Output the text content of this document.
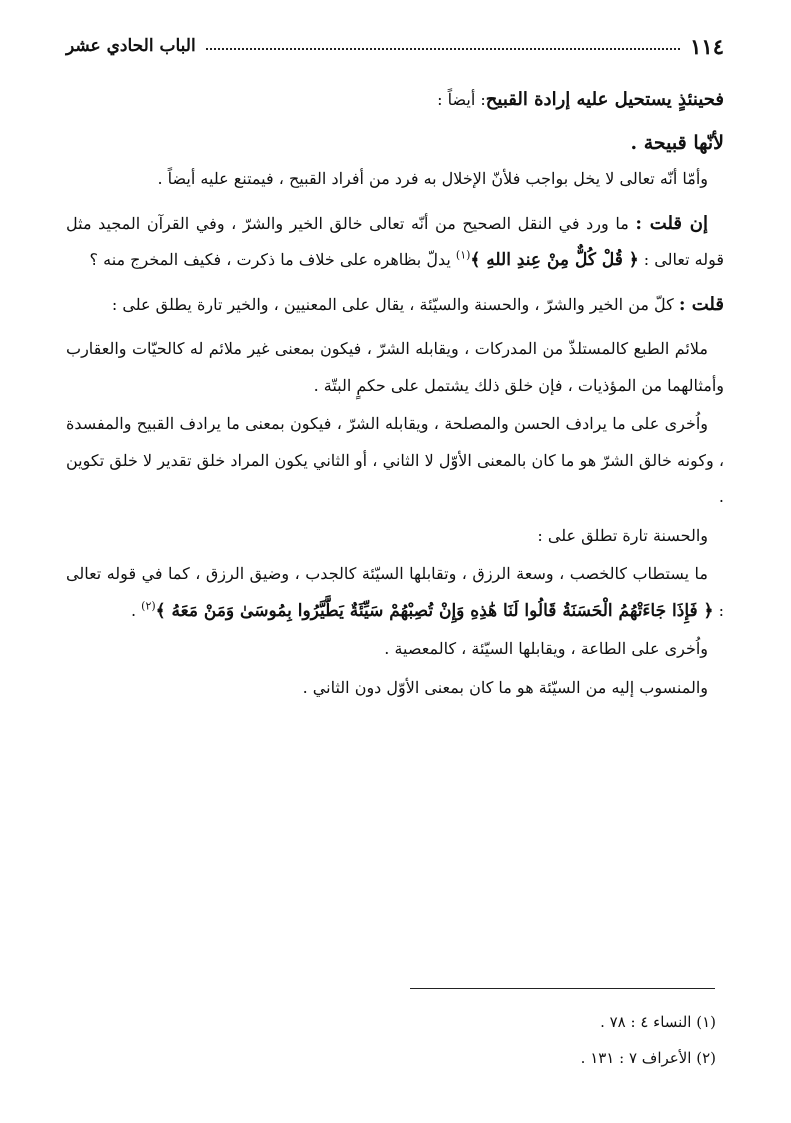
١١٤
الباب الحادي عشر

فحينئذٍ يستحيل عليه إرادة القبيح: أيضاً :

لأنّها قبيحة .

وأمّا أنّه تعالى لا يخل بواجب فلأنّ الإخلال به فرد من أفراد القبيح ، فيمتنع عليه أيضاً .

إن قلت : ما ورد في النقل الصحيح من أنّه تعالى خالق الخير والشرّ ، وفي القرآن المجيد مثل قوله تعالى : ﴿ قُلْ كُلٌّ مِنْ عِندِ اللهِ ﴾$^{(١)}$ يدلّ بظاهره على خلاف ما ذكرت ، فكيف المخرج منه ؟

قلت : كلّ من الخير والشرّ ، والحسنة والسيّئة ، يقال على المعنيين ، والخير تارة يطلق على :

ملائم الطبع كالمستلذّ من المدركات ، ويقابله الشرّ ، فيكون بمعنى غير ملائم له كالحيّات والعقارب وأمثالهما من المؤذيات ، فإن خلق ذلك يشتمل على حكمٍ البتّة .

واُخرى على ما يرادف الحسن والمصلحة ، ويقابله الشرّ ، فيكون بمعنى ما يرادف القبيح والمفسدة ، وكونه خالق الشرّ هو ما كان بالمعنى الأوّل لا الثاني ، أو الثاني يكون المراد خلق تقدير لا خلق تكوين .

والحسنة تارة تطلق على :

ما يستطاب كالخصب ، وسعة الرزق ، وتقابلها السيّئة كالجدب ، وضيق الرزق ، كما في قوله تعالى : ﴿ فَإِذَا جَاءَتْهُمُ الْحَسَنَةُ قَالُوا لَنَا هَٰذِهِ وَإِنْ تُصِبْهُمْ سَيِّئَةٌ يَطَّيَّرُوا بِمُوسَىٰ وَمَنْ مَعَهُ ﴾$^{(٢)}$ .

واُخرى على الطاعة ، ويقابلها السيّئة ، كالمعصية .

والمنسوب إليه من السيّئة هو ما كان بمعنى الأوّل دون الثاني .

(١) النساء ٤ : ٧٨ .

(٢) الأعراف ٧ : ١٣١ .
